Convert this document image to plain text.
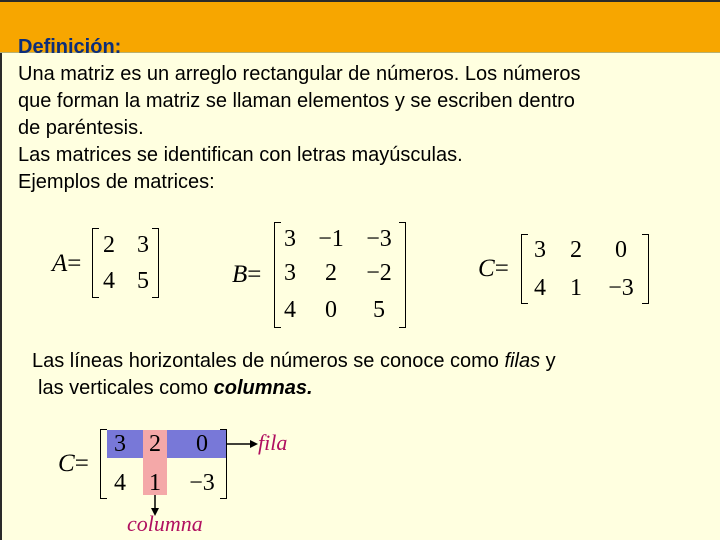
Definición:
Una matriz es un arreglo rectangular de números. Los números
que forman la matriz se llaman elementos y se escriben dentro
de paréntesis.
Las matrices se identifican con letras mayúsculas.
Ejemplos de matrices:
A=
2 3
4 5	B=
3 −1 −3
3	2	−2
4	0	5
C=
3	2	0
4	1	−3
Las líneas horizontales de números se conoce como filas y
las verticales como columnas.
C=
3 2	0
4 1	−3
fila
columna
